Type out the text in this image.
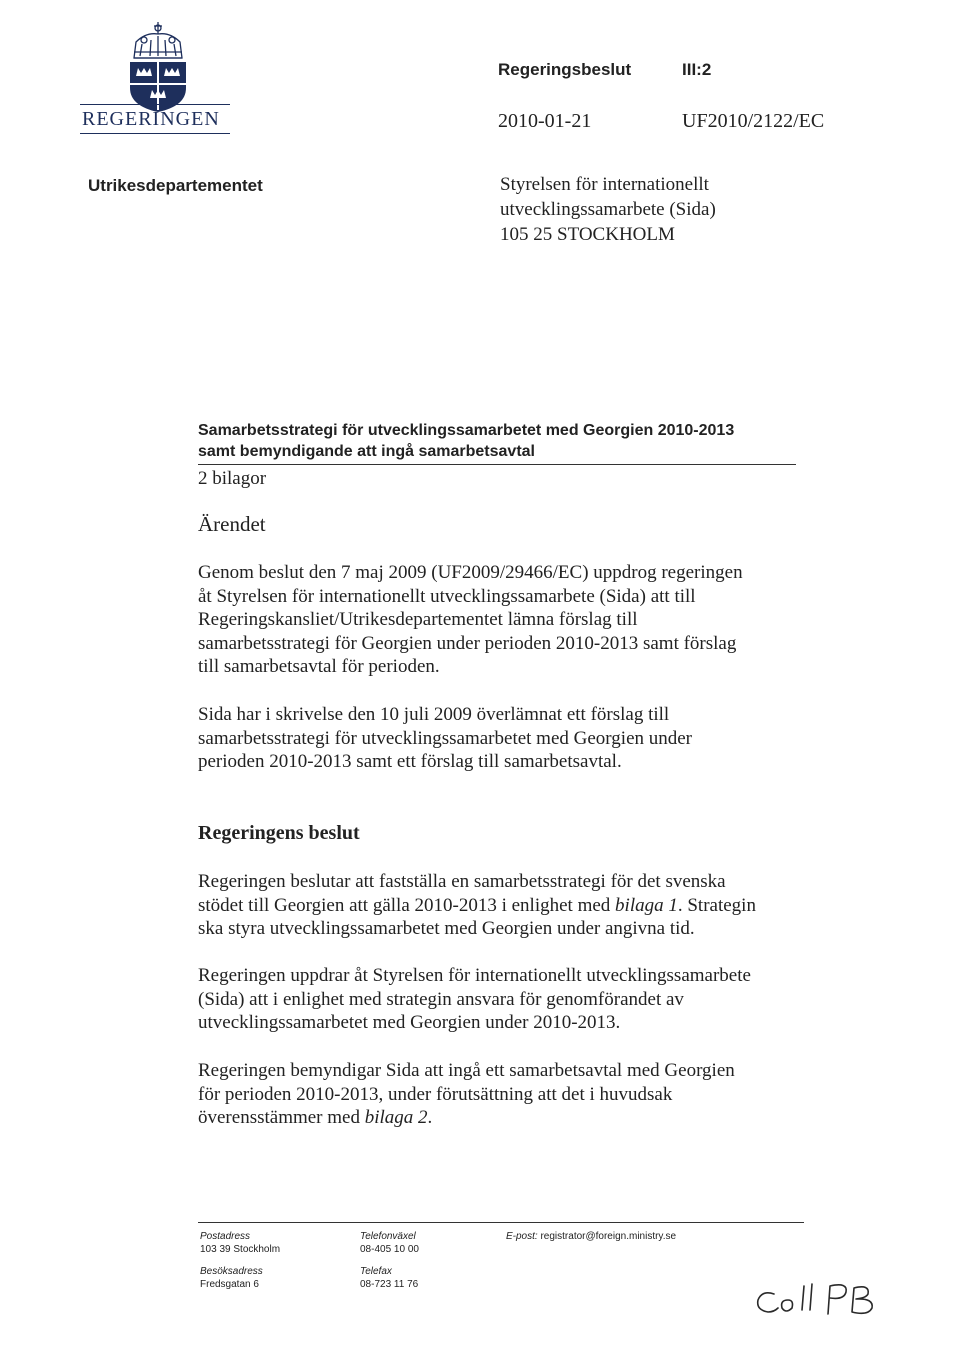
REGERINGEN
Utrikesdepartementet
Regeringsbeslut	III:2
2010-01-21	UF2010/2122/EC
Styrelsen för internationellt
utvecklingssamarbete (Sida)
105 25 STOCKHOLM
Samarbetsstrategi för utvecklingssamarbetet med Georgien 2010-2013
samt bemyndigande att ingå samarbetsavtal
2 bilagor
Ärendet
Genom beslut den 7 maj 2009 (UF2009/29466/EC) uppdrog regeringen
åt Styrelsen för internationellt utvecklingssamarbete (Sida) att till
Regeringskansliet/Utrikesdepartementet lämna förslag till
samarbetsstrategi för Georgien under perioden 2010-2013 samt förslag
till samarbetsavtal för perioden.
Sida har i skrivelse den 10 juli 2009 överlämnat ett förslag till
samarbetsstrategi för utvecklingssamarbetet med Georgien under
perioden 2010-2013 samt ett förslag till samarbetsavtal.
Regeringens beslut
Regeringen beslutar att fastställa en samarbetsstrategi för det svenska
stödet till Georgien att gälla 2010-2013 i enlighet med bilaga 1. Strategin
ska styra utvecklingssamarbetet med Georgien under angivna tid.
Regeringen uppdrar åt Styrelsen för internationellt utvecklingssamarbete
(Sida) att i enlighet med strategin ansvara för genomförandet av
utvecklingssamarbetet med Georgien under 2010-2013.
Regeringen bemyndigar Sida att ingå ett samarbetsavtal med Georgien
för perioden 2010-2013, under förutsättning att det i huvudsak
överensstämmer med bilaga 2.
Postadress
103 39 Stockholm
Besöksadress
Fredsgatan 6
Telefonväxel
08-405 10 00
Telefax
08-723 11 76
E-post: registrator@foreign.ministry.se
